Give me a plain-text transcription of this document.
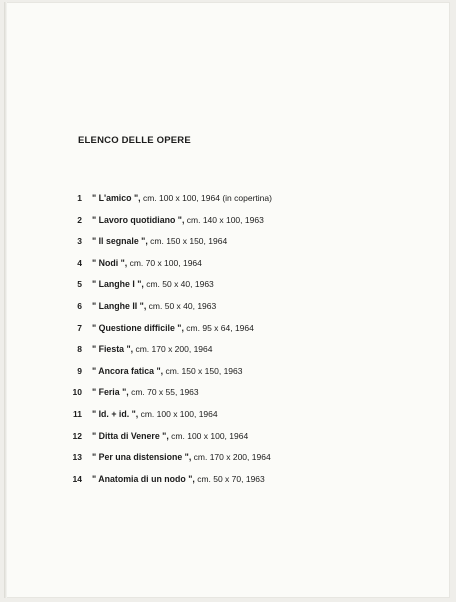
ELENCO DELLE OPERE
1 " L'amico ", cm. 100 x 100, 1964 (in copertina)
2 " Lavoro quotidiano ", cm. 140 x 100, 1963
3 " Il segnale ", cm. 150 x 150, 1964
4 " Nodi ", cm. 70 x 100, 1964
5 " Langhe I ", cm. 50 x 40, 1963
6 " Langhe II ", cm. 50 x 40, 1963
7 " Questione difficile ", cm. 95 x 64, 1964
8 " Fiesta ", cm. 170 x 200, 1964
9 " Ancora fatica ", cm. 150 x 150, 1963
10 " Feria ", cm. 70 x 55, 1963
11 " Id. + id. ", cm. 100 x 100, 1964
12 " Ditta di Venere ", cm. 100 x 100, 1964
13 " Per una distensione ", cm. 170 x 200, 1964
14 " Anatomia di un nodo ", cm. 50 x 70, 1963
